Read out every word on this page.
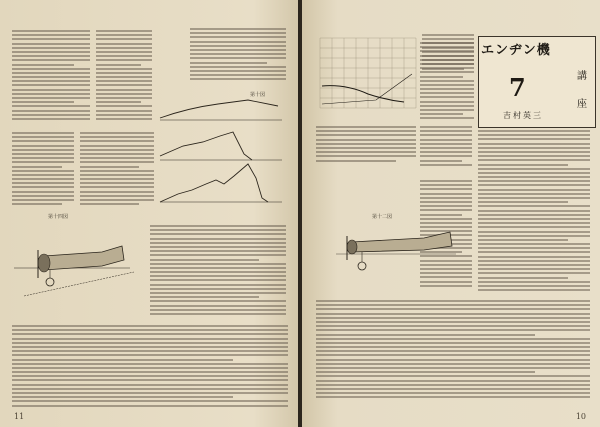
第十図
第十四図
11
エンヂン機
7	講
座
吉村英三
第十二図
10
